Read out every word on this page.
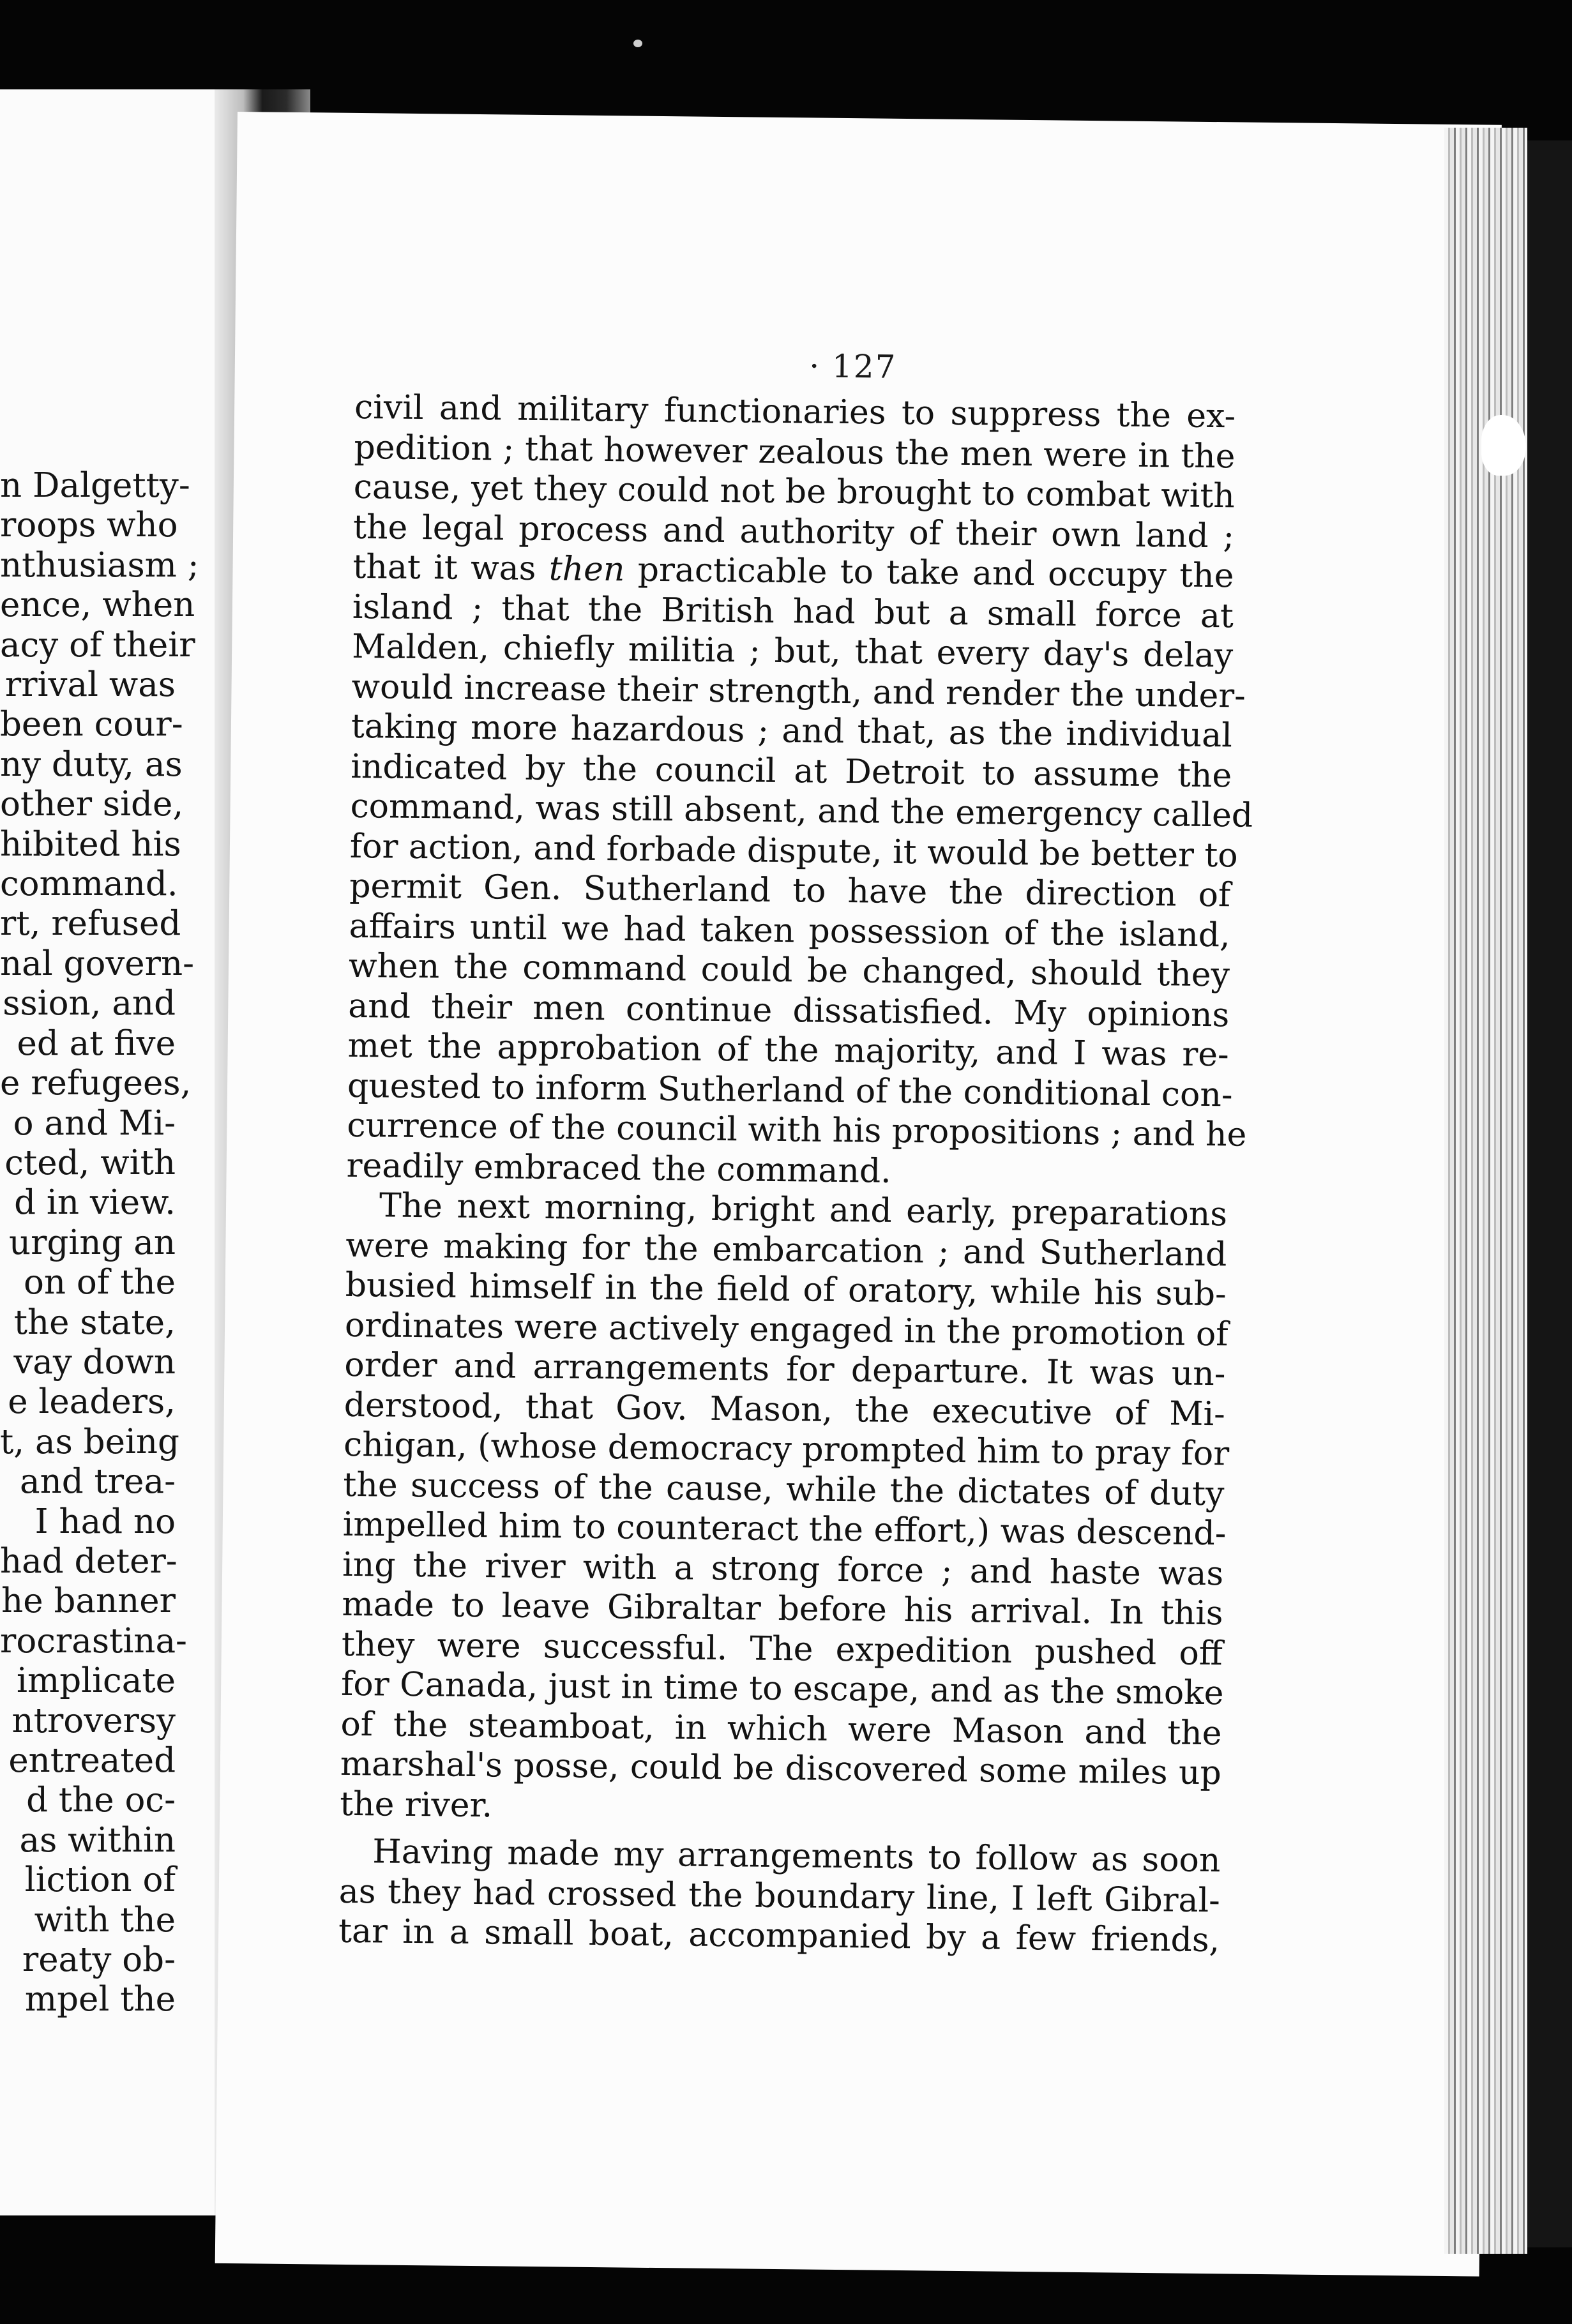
n Dalgetty-
roops who
nthusiasm ;
ence, when
acy of their
rrival was
been cour-
ny duty, as
other side,
hibited his
command.
rt, refused
nal govern-
ssion, and
ed at five
e refugees,
o and Mi-
cted, with
d in view.
urging an
on of the
the state,
vay down
e leaders,
t, as being
and trea-
I had no
had deter-
he banner
rocrastina-
implicate
ntroversy
entreated
d the oc-
as within
liction of
with the
reaty ob-
mpel the
· 127
civil and military functionaries to suppress the ex-
pedition ; that however zealous the men were in the
cause, yet they could not be brought to combat with
the legal process and authority of their own land ;
that it was then practicable to take and occupy the
island ; that the British had but a small force at
Malden, chiefly militia ; but, that every day's delay
would increase their strength, and render the under-
taking more hazardous ; and that, as the individual
indicated by the council at Detroit to assume the
command, was still absent, and the emergency called
for action, and forbade dispute, it would be better to
permit Gen. Sutherland to have the direction of
affairs until we had taken possession of the island,
when the command could be changed, should they
and their men continue dissatisfied. My opinions
met the approbation of the majority, and I was re-
quested to inform Sutherland of the conditional con-
currence of the council with his propositions ; and he
readily embraced the command.
The next morning, bright and early, preparations
were making for the embarcation ; and Sutherland
busied himself in the field of oratory, while his sub-
ordinates were actively engaged in the promotion of
order and arrangements for departure. It was un-
derstood, that Gov. Mason, the executive of Mi-
chigan, (whose democracy prompted him to pray for
the success of the cause, while the dictates of duty
impelled him to counteract the effort,) was descend-
ing the river with a strong force ; and haste was
made to leave Gibraltar before his arrival. In this
they were successful. The expedition pushed off
for Canada, just in time to escape, and as the smoke
of the steamboat, in which were Mason and the
marshal's posse, could be discovered some miles up
the river.
Having made my arrangements to follow as soon
as they had crossed the boundary line, I left Gibral-
tar in a small boat, accompanied by a few friends,
